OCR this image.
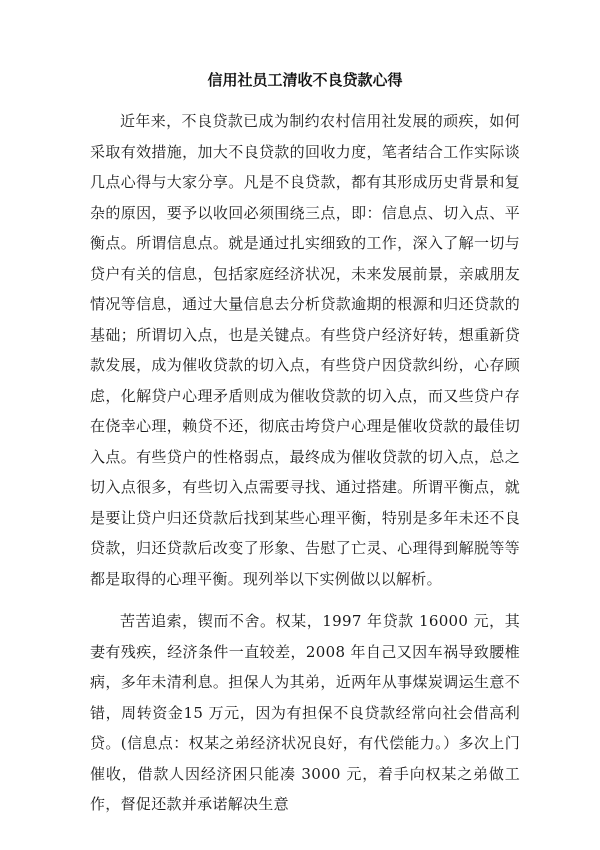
信用社员工清收不良贷款心得

近年来，不良贷款已成为制约农村信用社发展的顽疾，如何采取有效措施，加大不良贷款的回收力度，笔者结合工作实际谈几点心得与大家分享。凡是不良贷款，都有其形成历史背景和复杂的原因，要予以收回必须围绕三点，即：信息点、切入点、平衡点。所谓信息点。就是通过扎实细致的工作，深入了解一切与贷户有关的信息，包括家庭经济状况，未来发展前景，亲戚朋友情况等信息，通过大量信息去分析贷款逾期的根源和归还贷款的基础；所谓切入点，也是关键点。有些贷户经济好转，想重新贷款发展，成为催收贷款的切入点，有些贷户因贷款纠纷，心存顾虑，化解贷户心理矛盾则成为催收贷款的切入点，而又些贷户存在侥幸心理，赖贷不还，彻底击垮贷户心理是催收贷款的最佳切入点。有些贷户的性格弱点，最终成为催收贷款的切入点，总之切入点很多，有些切入点需要寻找、通过搭建。所谓平衡点，就是要让贷户归还贷款后找到某些心理平衡，特别是多年未还不良贷款，归还贷款后改变了形象、告慰了亡灵、心理得到解脱等等都是取得的心理平衡。现列举以下实例做以以解析。

苦苦追索，锲而不舍。权某，1997 年贷款 16000 元，其妻有残疾，经济条件一直较差，2008 年自己又因车祸导致腰椎病，多年未清利息。担保人为其弟，近两年从事煤炭调运生意不错，周转资金15 万元，因为有担保不良贷款经常向社会借高利贷。(信息点：权某之弟经济状况良好，有代偿能力。）多次上门催收，借款人因经济困只能凑 3000 元，着手向权某之弟做工作，督促还款并承诺解决生意
